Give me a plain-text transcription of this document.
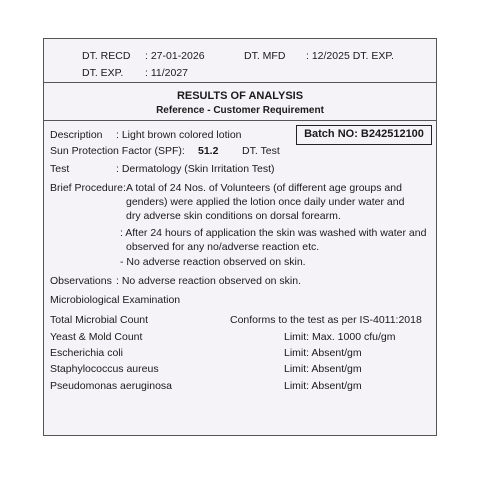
DT. RECD : 27-01-2026	DT. MFD : 12/2025 DT. EXP.
DT. EXP. : 11/2027
RESULTS OF ANALYSIS
Reference - Customer Requirement
Batch NO: B242512100
Description : Light brown colored lotion
Sun Protection Factor (SPF): 51.2 DT. Test
Test	: Dermatology (Skin Irritation Test)
Brief Procedure: A total of 24 Nos. of Volunteers (of different age groups and
genders) were applied the lotion once daily under water and
dry adverse skin conditions on dorsal forearm.
: After 24 hours of application the skin was washed with water and
observed for any no/adverse reaction etc.
- No adverse reaction observed on skin.
Observations : No adverse reaction observed on skin.
Microbiological Examination
Total Microbial Count	Conforms to the test as per IS-4011:2018
Yeast & Mold Count	Limit: Max. 1000 cfu/gm
Escherichia coli	Limit: Absent/gm
Staphylococcus aureus	Limit: Absent/gm
Pseudomonas aeruginosa	Limit: Absent/gm
